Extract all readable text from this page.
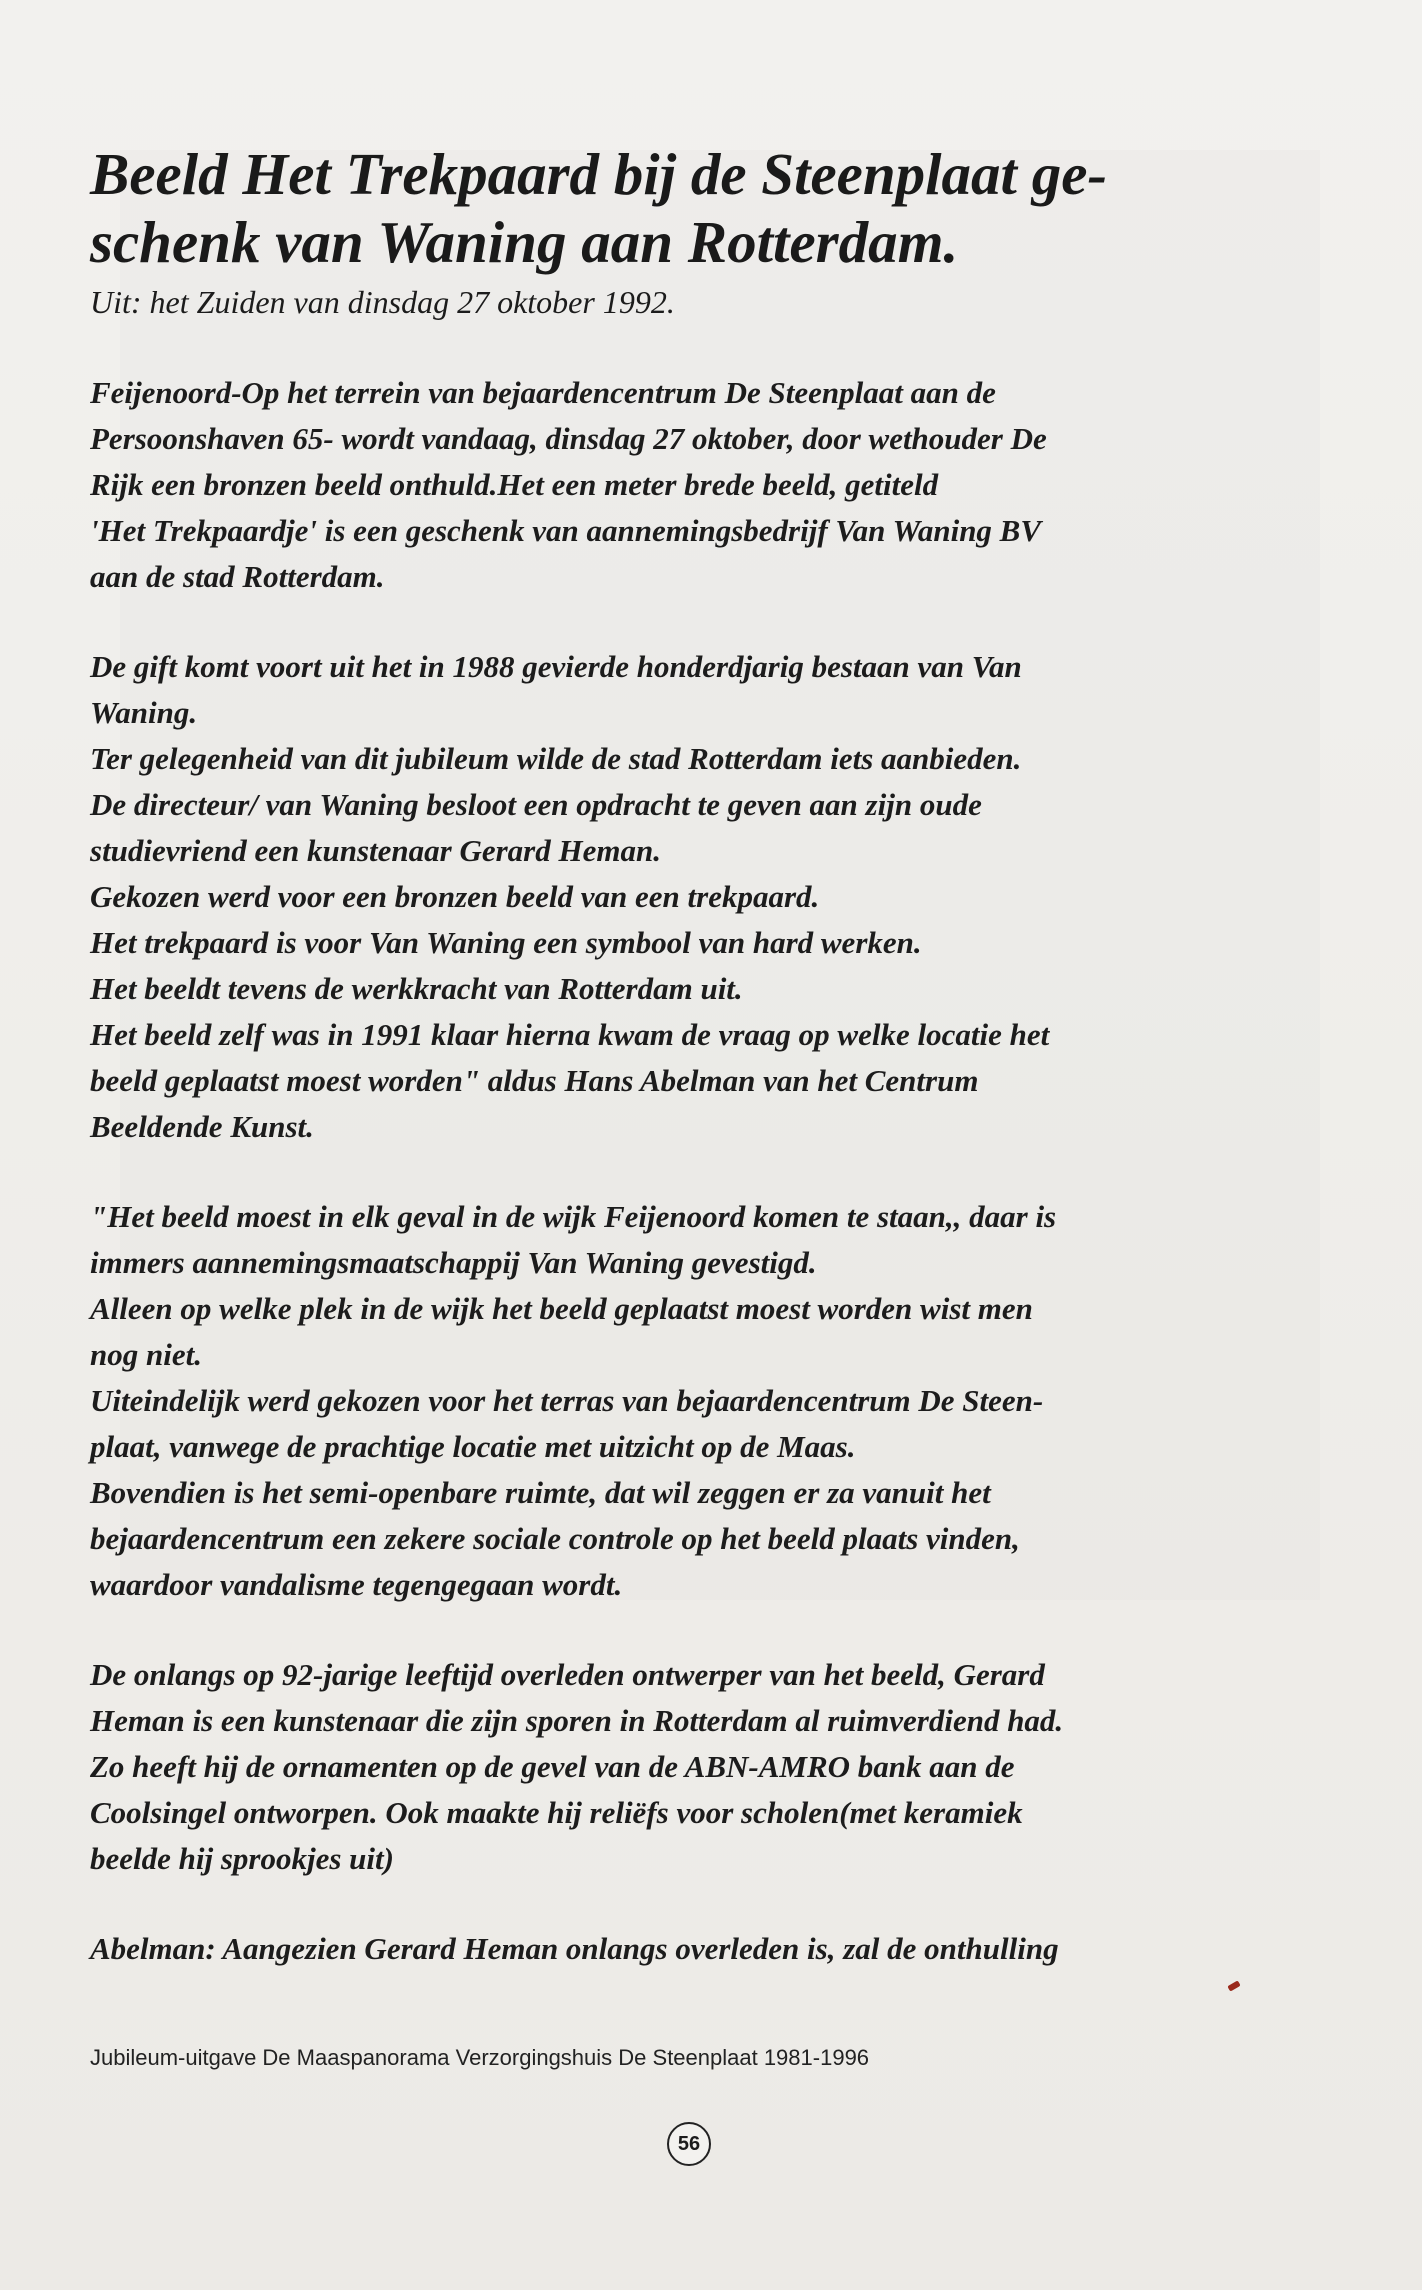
Beeld Het Trekpaard bij de Steenplaat ge-
schenk van Waning aan Rotterdam.

Uit: het Zuiden van dinsdag 27 oktober 1992.

Feijenoord-Op het terrein van bejaardencentrum De Steenplaat aan de
Persoonshaven 65- wordt vandaag, dinsdag 27 oktober, door wethouder De
Rijk een bronzen beeld onthuld.Het een meter brede beeld, getiteld
'Het Trekpaardje' is een geschenk van aannemingsbedrijf Van Waning BV
aan de stad Rotterdam.
De gift komt voort uit het in 1988 gevierde honderdjarig bestaan van Van
Waning.
Ter gelegenheid van dit jubileum wilde de stad Rotterdam iets aanbieden.
De directeur/ van Waning besloot een opdracht te geven aan zijn oude
studievriend een kunstenaar Gerard Heman.
Gekozen werd voor een bronzen beeld van een trekpaard.
Het trekpaard is voor Van Waning een symbool van hard werken.
Het beeldt tevens de werkkracht van Rotterdam uit.
Het beeld zelf was in 1991 klaar hierna kwam de vraag op welke locatie het
beeld geplaatst moest worden" aldus Hans Abelman van het Centrum
Beeldende Kunst.
"Het beeld moest in elk geval in de wijk Feijenoord komen te staan,, daar is
immers aannemingsmaatschappij Van Waning gevestigd.
Alleen op welke plek in de wijk het beeld geplaatst moest worden wist men
nog niet.
Uiteindelijk werd gekozen voor het terras van bejaardencentrum De Steen-
plaat, vanwege de prachtige locatie met uitzicht op de Maas.
Bovendien is het semi-openbare ruimte, dat wil zeggen er za vanuit het
bejaardencentrum een zekere sociale controle op het beeld plaats vinden,
waardoor vandalisme tegengegaan wordt.
De onlangs op 92-jarige leeftijd overleden ontwerper van het beeld, Gerard
Heman is een kunstenaar die zijn sporen in Rotterdam al ruimverdiend had.
Zo heeft hij de ornamenten op de gevel van de ABN-AMRO bank aan de
Coolsingel ontworpen. Ook maakte hij reliëfs voor scholen(met keramiek
beelde hij sprookjes uit)
Abelman: Aangezien Gerard Heman onlangs overleden is, zal de onthulling
Jubileum-uitgave De Maaspanorama Verzorgingshuis De Steenplaat 1981-1996
56
